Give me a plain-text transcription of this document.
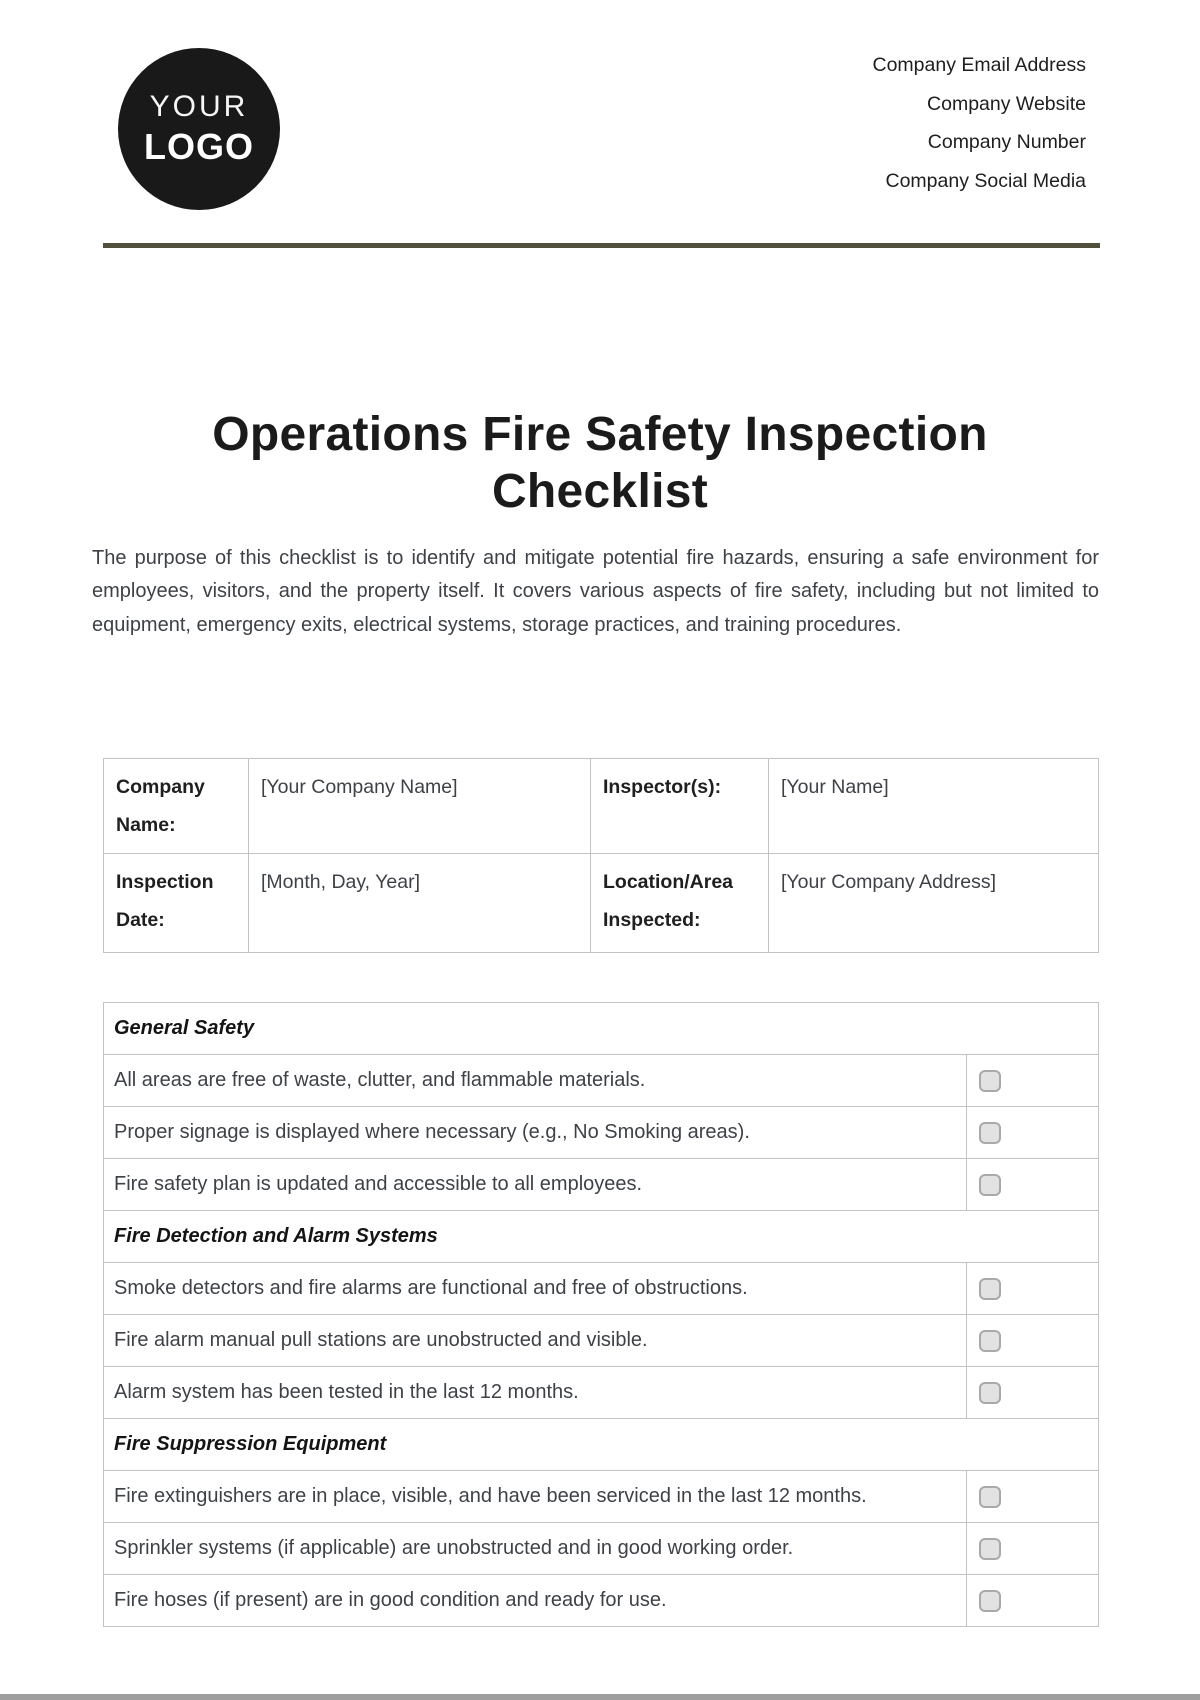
YOUR
LOGO
Company Email Address
Company Website
Company Number
Company Social Media
Operations Fire Safety Inspection Checklist

The purpose of this checklist is to identify and mitigate potential fire hazards, ensuring a safe environment for employees, visitors, and the property itself. It covers various aspects of fire safety, including but not limited to equipment, emergency exits, electrical systems, storage practices, and training procedures.

Company Name:	[Your Company Name]	Inspector(s):	[Your Name]
Inspection Date:	[Month, Day, Year]	Location/Area Inspected:	[Your Company Address]
General Safety	
All areas are free of waste, clutter, and flammable materials.	

Proper signage is displayed where necessary (e.g., No Smoking areas).	

Fire safety plan is updated and accessible to all employees.	

Fire Detection and Alarm Systems	
Smoke detectors and fire alarms are functional and free of obstructions.	

Fire alarm manual pull stations are unobstructed and visible.	

Alarm system has been tested in the last 12 months.	

Fire Suppression Equipment	
Fire extinguishers are in place, visible, and have been serviced in the last 12 months.	

Sprinkler systems (if applicable) are unobstructed and in good working order.	

Fire hoses (if present) are in good condition and ready for use.	
